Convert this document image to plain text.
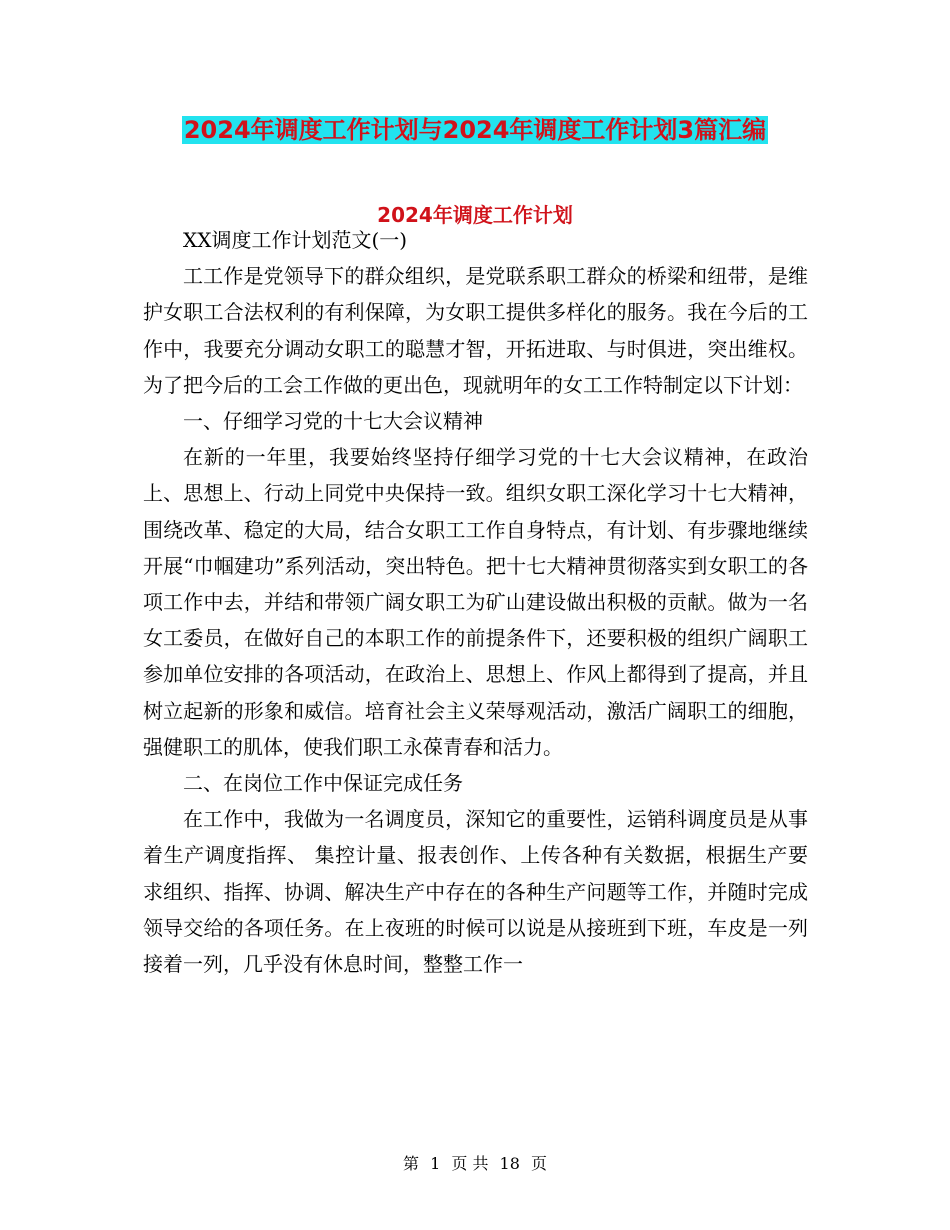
2024年调度工作计划与2024年调度工作计划3篇汇编
2024年调度工作计划

XX调度工作计划范文(一)

工工作是党领导下的群众组织，是党联系职工群众的桥梁和纽带，是维护女职工合法权利的有利保障，为女职工提供多样化的服务。我在今后的工作中，我要充分调动女职工的聪慧才智，开拓进取、与时俱进，突出维权。为了把今后的工会工作做的更出色，现就明年的女工工作特制定以下计划：

一、仔细学习党的十七大会议精神

在新的一年里，我要始终坚持仔细学习党的十七大会议精神，在政治上、思想上、行动上同党中央保持一致。组织女职工深化学习十七大精神，围绕改革、稳定的大局，结合女职工工作自身特点，有计划、有步骤地继续开展“巾帼建功”系列活动，突出特色。把十七大精神贯彻落实到女职工的各项工作中去，并结和带领广阔女职工为矿山建设做出积极的贡献。做为一名女工委员，在做好自己的本职工作的前提条件下，还要积极的组织广阔职工参加单位安排的各项活动，在政治上、思想上、作风上都得到了提高，并且树立起新的形象和威信。培育社会主义荣辱观活动，激活广阔职工的细胞，强健职工的肌体，使我们职工永葆青春和活力。

二、在岗位工作中保证完成任务

在工作中，我做为一名调度员，深知它的重要性，运销科调度员是从事着生产调度指挥、 集控计量、报表创作、上传各种有关数据，根据生产要求组织、指挥、协调、解决生产中存在的各种生产问题等工作，并随时完成领导交给的各项任务。在上夜班的时候可以说是从接班到下班，车皮是一列接着一列，几乎没有休息时间，整整工作一

第 1 页 共 18 页
